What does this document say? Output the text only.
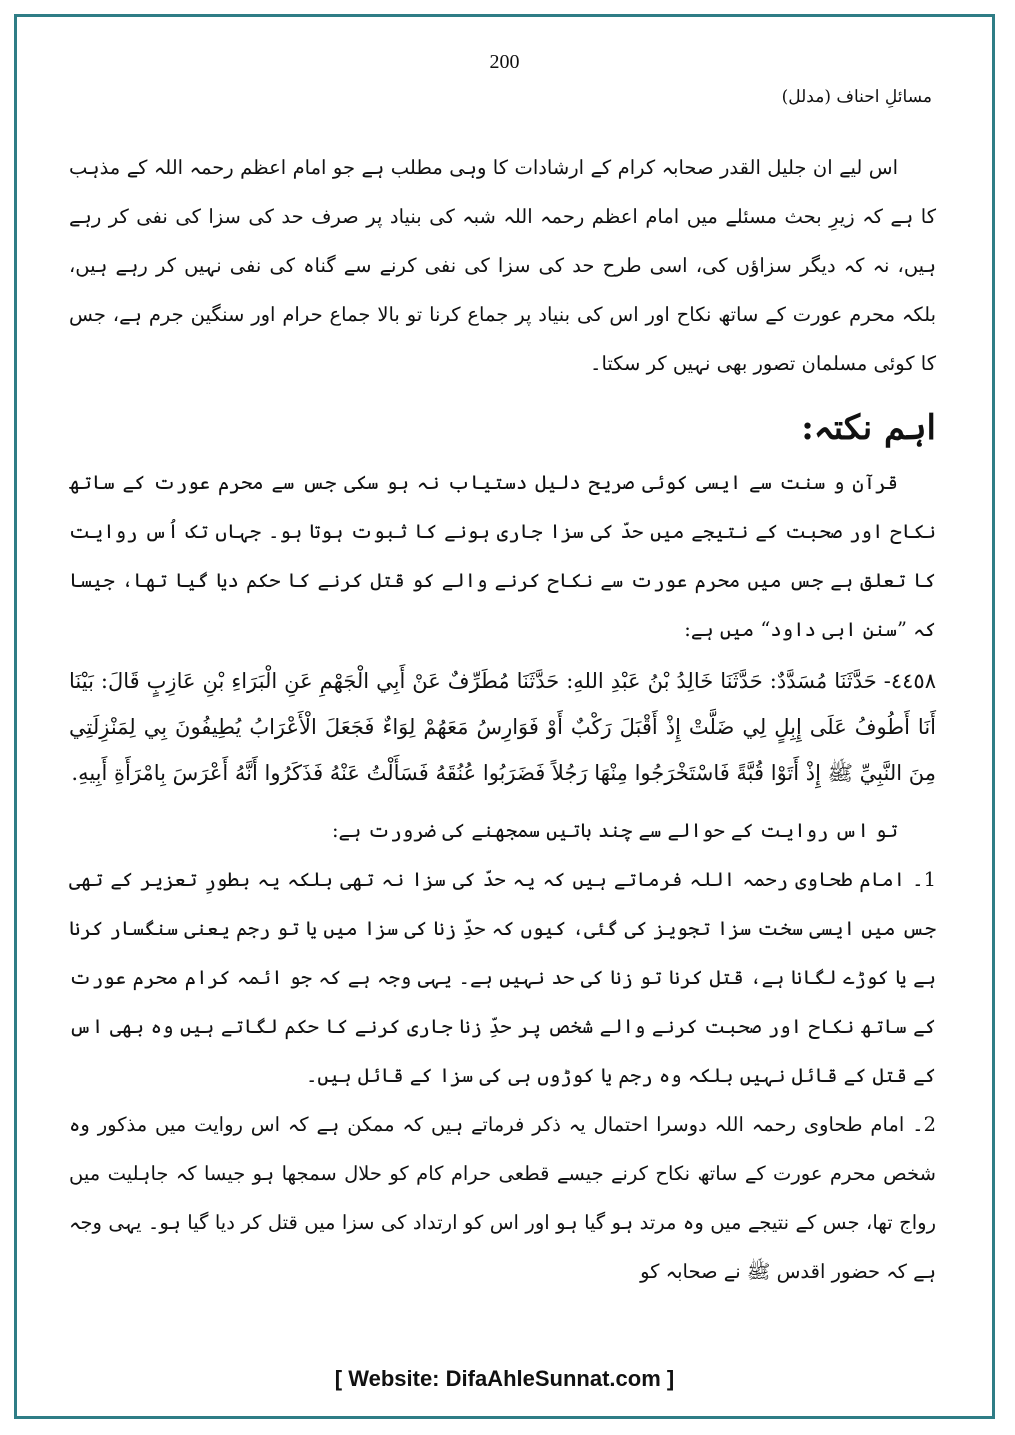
200
مسائلِ احناف (مدلل)

اس لیے ان جلیل القدر صحابہ کرام کے ارشادات کا وہی مطلب ہے جو امام اعظم رحمہ اللہ کے مذہب کا ہے کہ زیرِ بحث مسئلے میں امام اعظم رحمہ اللہ شبہ کی بنیاد پر صرف حد کی سزا کی نفی کر رہے ہیں، نہ کہ دیگر سزاؤں کی، اسی طرح حد کی سزا کی نفی کرنے سے گناہ کی نفی نہیں کر رہے ہیں، بلکہ محرم عورت کے ساتھ نکاح اور اس کی بنیاد پر جماع کرنا تو بالا جماع حرام اور سنگین جرم ہے، جس کا کوئی مسلمان تصور بھی نہیں کر سکتا۔

اہم نکتہ:

قرآن و سنت سے ایسی کوئی صریح دلیل دستیاب نہ ہو سکی جس سے محرم عورت کے ساتھ نکاح اور صحبت کے نتیجے میں حدّ کی سزا جاری ہونے کا ثبوت ہوتا ہو۔ جہاں تک اُس روایت کا تعلق ہے جس میں محرم عورت سے نکاح کرنے والے کو قتل کرنے کا حکم دیا گیا تھا، جیسا کہ ”سنن ابی داود“ میں ہے:

٤٤٥٨- حَدَّثَنَا مُسَدَّدٌ: حَدَّثَنَا خَالِدُ بْنُ عَبْدِ اللهِ: حَدَّثَنَا مُطَرِّفٌ عَنْ أَبِي الْجَهْمِ عَنِ الْبَرَاءِ بْنِ عَازِبٍ قَالَ: بَيْنَا أَنَا أَطُوفُ عَلَى إِبِلٍ لِي ضَلَّتْ إِذْ أَقْبَلَ رَكْبٌ أَوْ فَوَارِسُ مَعَهُمْ لِوَاءٌ فَجَعَلَ الْأَعْرَابُ يُطِيفُونَ بِي لِمَنْزِلَتِي مِنَ النَّبِيِّ ﷺ إِذْ أَتَوْا قُبَّةً فَاسْتَخْرَجُوا مِنْهَا رَجُلاً فَضَرَبُوا عُنُقَهُ فَسَأَلْتُ عَنْهُ فَذَكَرُوا أَنَّهُ أَعْرَسَ بِامْرَأَةِ أَبِيهِ.

تو اس روایت کے حوالے سے چند باتیں سمجھنے کی ضرورت ہے:

1۔ امام طحاوی رحمہ اللہ فرماتے ہیں کہ یہ حدّ کی سزا نہ تھی بلکہ یہ بطورِ تعزیر کے تھی جس میں ایسی سخت سزا تجویز کی گئی، کیوں کہ حدِّ زنا کی سزا میں یا تو رجم یعنی سنگسار کرنا ہے یا کوڑے لگانا ہے، قتل کرنا تو زنا کی حد نہیں ہے۔ یہی وجہ ہے کہ جو ائمہ کرام محرم عورت کے ساتھ نکاح اور صحبت کرنے والے شخص پر حدِّ زنا جاری کرنے کا حکم لگاتے ہیں وہ بھی اس کے قتل کے قائل نہیں بلکہ وہ رجم یا کوڑوں ہی کی سزا کے قائل ہیں۔

2۔ امام طحاوی رحمہ اللہ دوسرا احتمال یہ ذکر فرماتے ہیں کہ ممکن ہے کہ اس روایت میں مذکور وہ شخص محرم عورت کے ساتھ نکاح کرنے جیسے قطعی حرام کام کو حلال سمجھا ہو جیسا کہ جاہلیت میں رواج تھا، جس کے نتیجے میں وہ مرتد ہو گیا ہو اور اس کو ارتداد کی سزا میں قتل کر دیا گیا ہو۔ یہی وجہ ہے کہ حضور اقدس ﷺ نے صحابہ کو

[ Website: DifaAhleSunnat.com ]
